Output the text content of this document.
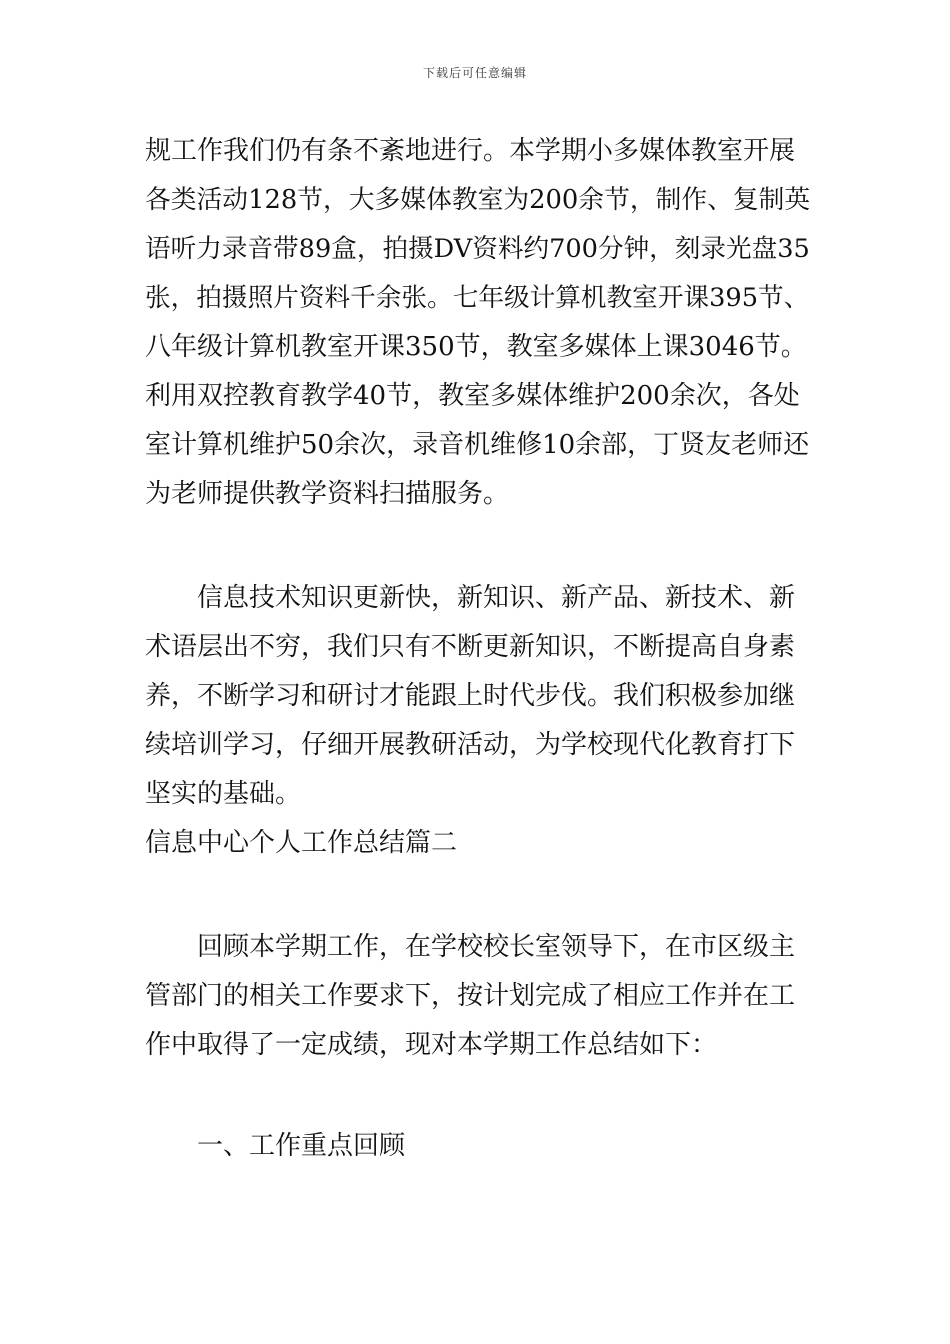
下载后可任意编辑
规工作我们仍有条不紊地进行。本学期小多媒体教室开展
各类活动128节，大多媒体教室为200余节，制作、复制英
语听力录音带89盒，拍摄DV资料约700分钟，刻录光盘35
张，拍摄照片资料千余张。七年级计算机教室开课395节、
八年级计算机教室开课350节，教室多媒体上课3046节。
利用双控教育教学40节，教室多媒体维护200余次，各处
室计算机维护50余次，录音机维修10余部，丁贤友老师还
为老师提供教学资料扫描服务。
信息技术知识更新快，新知识、新产品、新技术、新
术语层出不穷，我们只有不断更新知识，不断提高自身素
养，不断学习和研讨才能跟上时代步伐。我们积极参加继
续培训学习，仔细开展教研活动，为学校现代化教育打下
坚实的基础。
信息中心个人工作总结篇二
回顾本学期工作，在学校校长室领导下，在市区级主
管部门的相关工作要求下，按计划完成了相应工作并在工
作中取得了一定成绩，现对本学期工作总结如下：
一、工作重点回顾
